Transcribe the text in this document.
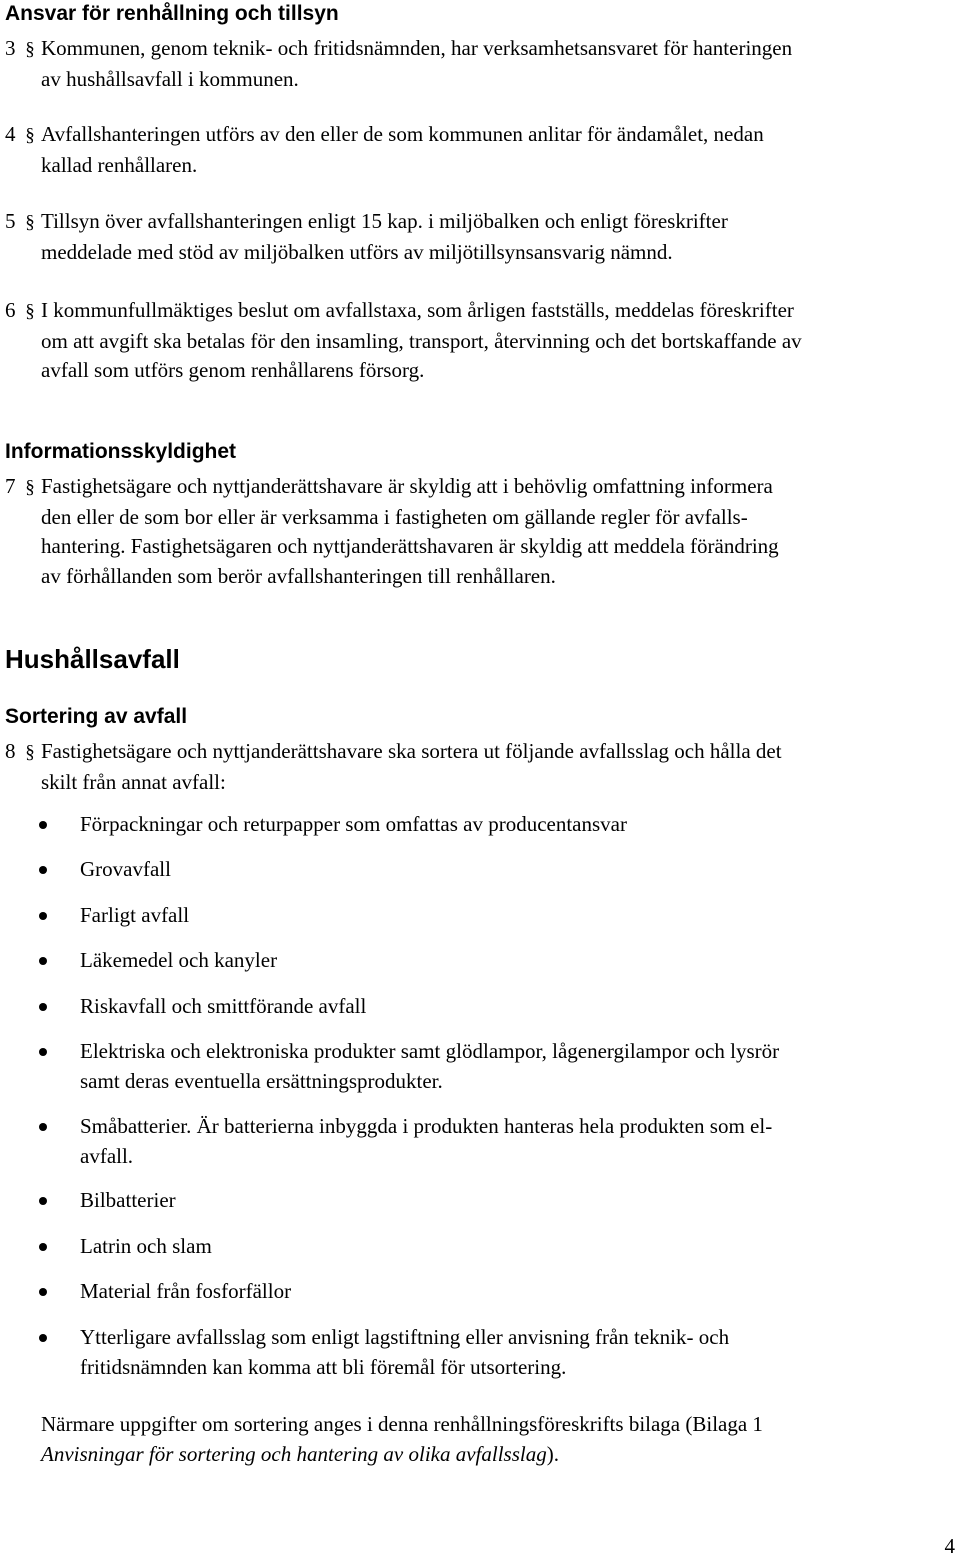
Ansvar för renhållning och tillsyn
3 § Kommunen, genom teknik- och fritidsnämnden, har verksamhetsansvaret för hanteringen
av hushållsavfall i kommunen.
4 § Avfallshanteringen utförs av den eller de som kommunen anlitar för ändamålet, nedan
kallad renhållaren.
5 § Tillsyn över avfallshanteringen enligt 15 kap. i miljöbalken och enligt föreskrifter
meddelade med stöd av miljöbalken utförs av miljötillsynsansvarig nämnd.
6 § I kommunfullmäktiges beslut om avfallstaxa, som årligen fastställs, meddelas föreskrifter
om att avgift ska betalas för den insamling, transport, återvinning och det bortskaffande av
avfall som utförs genom renhållarens försorg.
Informationsskyldighet
7 § Fastighetsägare och nyttjanderättshavare är skyldig att i behövlig omfattning informera
den eller de som bor eller är verksamma i fastigheten om gällande regler för avfalls-
hantering. Fastighetsägaren och nyttjanderättshavaren är skyldig att meddela förändring
av förhållanden som berör avfallshanteringen till renhållaren.
Hushållsavfall
Sortering av avfall
8 § Fastighetsägare och nyttjanderättshavare ska sortera ut följande avfallsslag och hålla det
skilt från annat avfall:
Förpackningar och returpapper som omfattas av producentansvar
Grovavfall
Farligt avfall
Läkemedel och kanyler
Riskavfall och smittförande avfall
Elektriska och elektroniska produkter samt glödlampor, lågenergilampor och lysrör
samt deras eventuella ersättningsprodukter.
Småbatterier. Är batterierna inbyggda i produkten hanteras hela produkten som el-
avfall.
Bilbatterier
Latrin och slam
Material från fosforfällor
Ytterligare avfallsslag som enligt lagstiftning eller anvisning från teknik- och
fritidsnämnden kan komma att bli föremål för utsortering.
Närmare uppgifter om sortering anges i denna renhållningsföreskrifts bilaga (Bilaga 1
Anvisningar för sortering och hantering av olika avfallsslag).
4
